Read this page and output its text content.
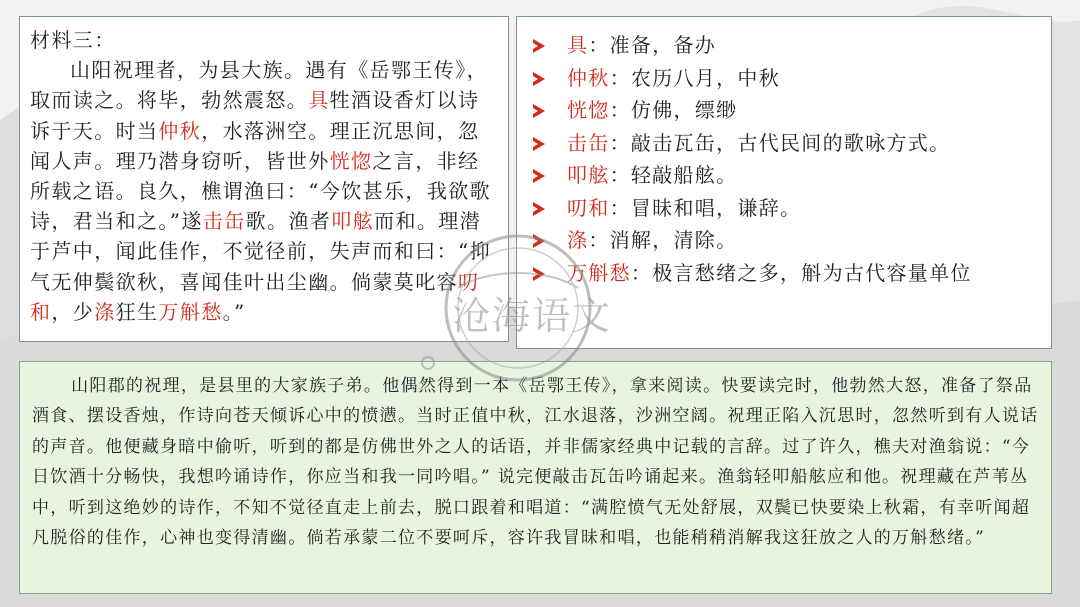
材料三：

山阳祝理者，为县大族。遇有《岳鄂王传》，取而读之。将毕，勃然震怒。具牲酒设香灯以诗诉于天。时当仲秋，水落洲空。理正沉思间，忽闻人声。理乃潜身窃听，皆世外恍惚之言，非经所载之语。良久，樵谓渔曰：“今饮甚乐，我欲歌诗，君当和之。”遂击缶歌。渔者叩舷而和。理潜于芦中，闻此佳作，不觉径前，失声而和曰：“抑气无伸鬓欲秋，喜闻佳叶出尘幽。倘蒙莫叱容叨和，少涤狂生万斛愁。”

具：准备，备办
仲秋：农历八月，中秋
恍惚：仿佛，缥缈
击缶：敲击瓦缶，古代民间的歌咏方式。
叩舷：轻敲船舷。
叨和：冒昧和唱，谦辞。
涤：消解，清除。
万斛愁：极言愁绪之多，斛为古代容量单位

山阳郡的祝理，是县里的大家族子弟。他偶然得到一本《岳鄂王传》，拿来阅读。快要读完时，他勃然大怒，准备了祭品酒食、摆设香烛，作诗向苍天倾诉心中的愤懑。当时正值中秋，江水退落，沙洲空阔。祝理正陷入沉思时，忽然听到有人说话的声音。他便藏身暗中偷听，听到的都是仿佛世外之人的话语，并非儒家经典中记载的言辞。过了许久，樵夫对渔翁说：“今日饮酒十分畅快，我想吟诵诗作，你应当和我一同吟唱。” 说完便敲击瓦缶吟诵起来。渔翁轻叩船舷应和他。祝理藏在芦苇丛中，听到这绝妙的诗作，不知不觉径直走上前去，脱口跟着和唱道：“满腔愤气无处舒展，双鬓已快要染上秋霜，有幸听闻超凡脱俗的佳作，心神也变得清幽。倘若承蒙二位不要呵斥，容许我冒昧和唱，也能稍稍消解我这狂放之人的万斛愁绪。”

沧海语文
